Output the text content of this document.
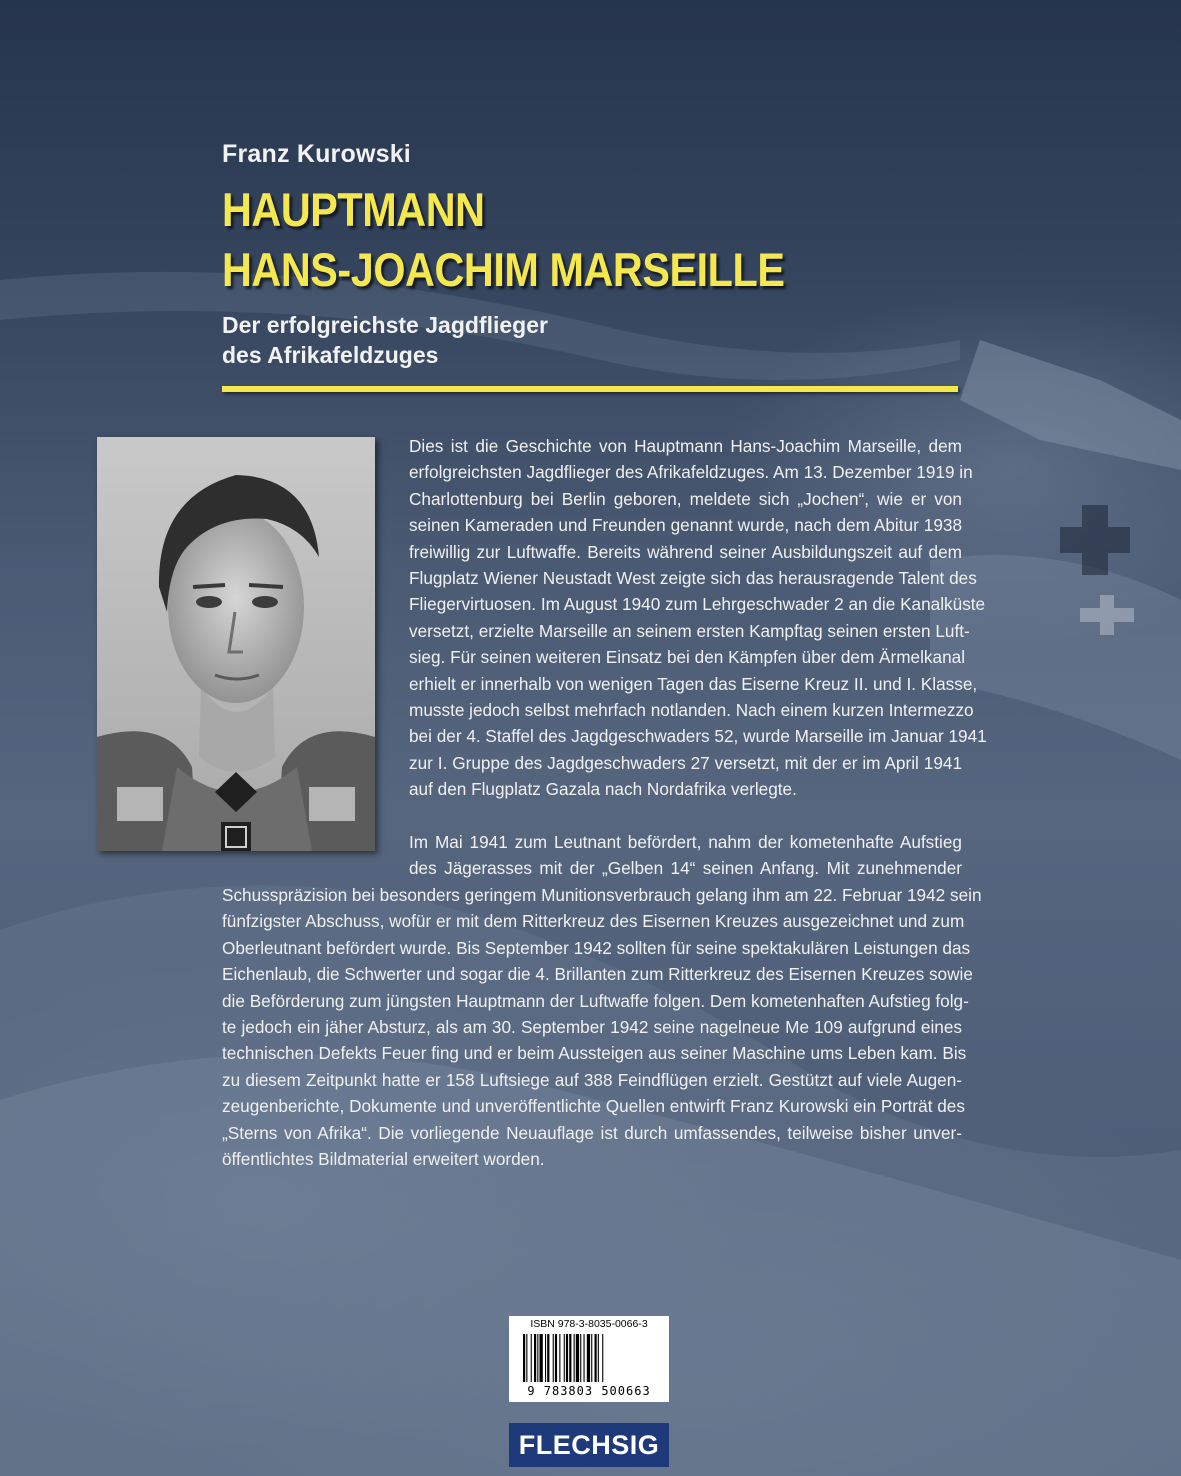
Franz Kurowski
HAUPTMANN
HANS-JOACHIM MARSEILLE
Der erfolgreichste Jagdflieger
des Afrikafeldzuges
Dies ist die Geschichte von Hauptmann Hans-Joachim Marseille, dem
erfolgreichsten Jagdflieger des Afrikafeldzuges. Am 13. Dezember 1919 in
Charlottenburg bei Berlin geboren, meldete sich „Jochen“, wie er von
seinen Kameraden und Freunden genannt wurde, nach dem Abitur 1938
freiwillig zur Luftwaffe. Bereits während seiner Ausbildungszeit auf dem
Flugplatz Wiener Neustadt West zeigte sich das herausragende Talent des
Fliegervirtuosen. Im August 1940 zum Lehrgeschwader 2 an die Kanalküste
versetzt, erzielte Marseille an seinem ersten Kampftag seinen ersten Luft-
sieg. Für seinen weiteren Einsatz bei den Kämpfen über dem Ärmelkanal
erhielt er innerhalb von wenigen Tagen das Eiserne Kreuz II. und I. Klasse,
musste jedoch selbst mehrfach notlanden. Nach einem kurzen Intermezzo
bei der 4. Staffel des Jagdgeschwaders 52, wurde Marseille im Januar 1941
zur I. Gruppe des Jagdgeschwaders 27 versetzt, mit der er im April 1941
auf den Flugplatz Gazala nach Nordafrika verlegte.
Im Mai 1941 zum Leutnant befördert, nahm der kometenhafte Aufstieg
des Jägerasses mit der „Gelben 14“ seinen Anfang. Mit zunehmender
Schusspräzision bei besonders geringem Munitionsverbrauch gelang ihm am 22. Februar 1942 sein
fünfzigster Abschuss, wofür er mit dem Ritterkreuz des Eisernen Kreuzes ausgezeichnet und zum
Oberleutnant befördert wurde. Bis September 1942 sollten für seine spektakulären Leistungen das
Eichenlaub, die Schwerter und sogar die 4. Brillanten zum Ritterkreuz des Eisernen Kreuzes sowie
die Beförderung zum jüngsten Hauptmann der Luftwaffe folgen. Dem kometenhaften Aufstieg folg-
te jedoch ein jäher Absturz, als am 30. September 1942 seine nagelneue Me 109 aufgrund eines
technischen Defekts Feuer fing und er beim Aussteigen aus seiner Maschine ums Leben kam. Bis
zu diesem Zeitpunkt hatte er 158 Luftsiege auf 388 Feindflügen erzielt. Gestützt auf viele Augen-
zeugenberichte, Dokumente und unveröffentlichte Quellen entwirft Franz Kurowski ein Porträt des
„Sterns von Afrika“. Die vorliegende Neuauflage ist durch umfassendes, teilweise bisher unver-
öffentlichtes Bildmaterial erweitert worden.
ISBN 978-3-8035-0066-3
9 783803 500663
FLECHSIG
